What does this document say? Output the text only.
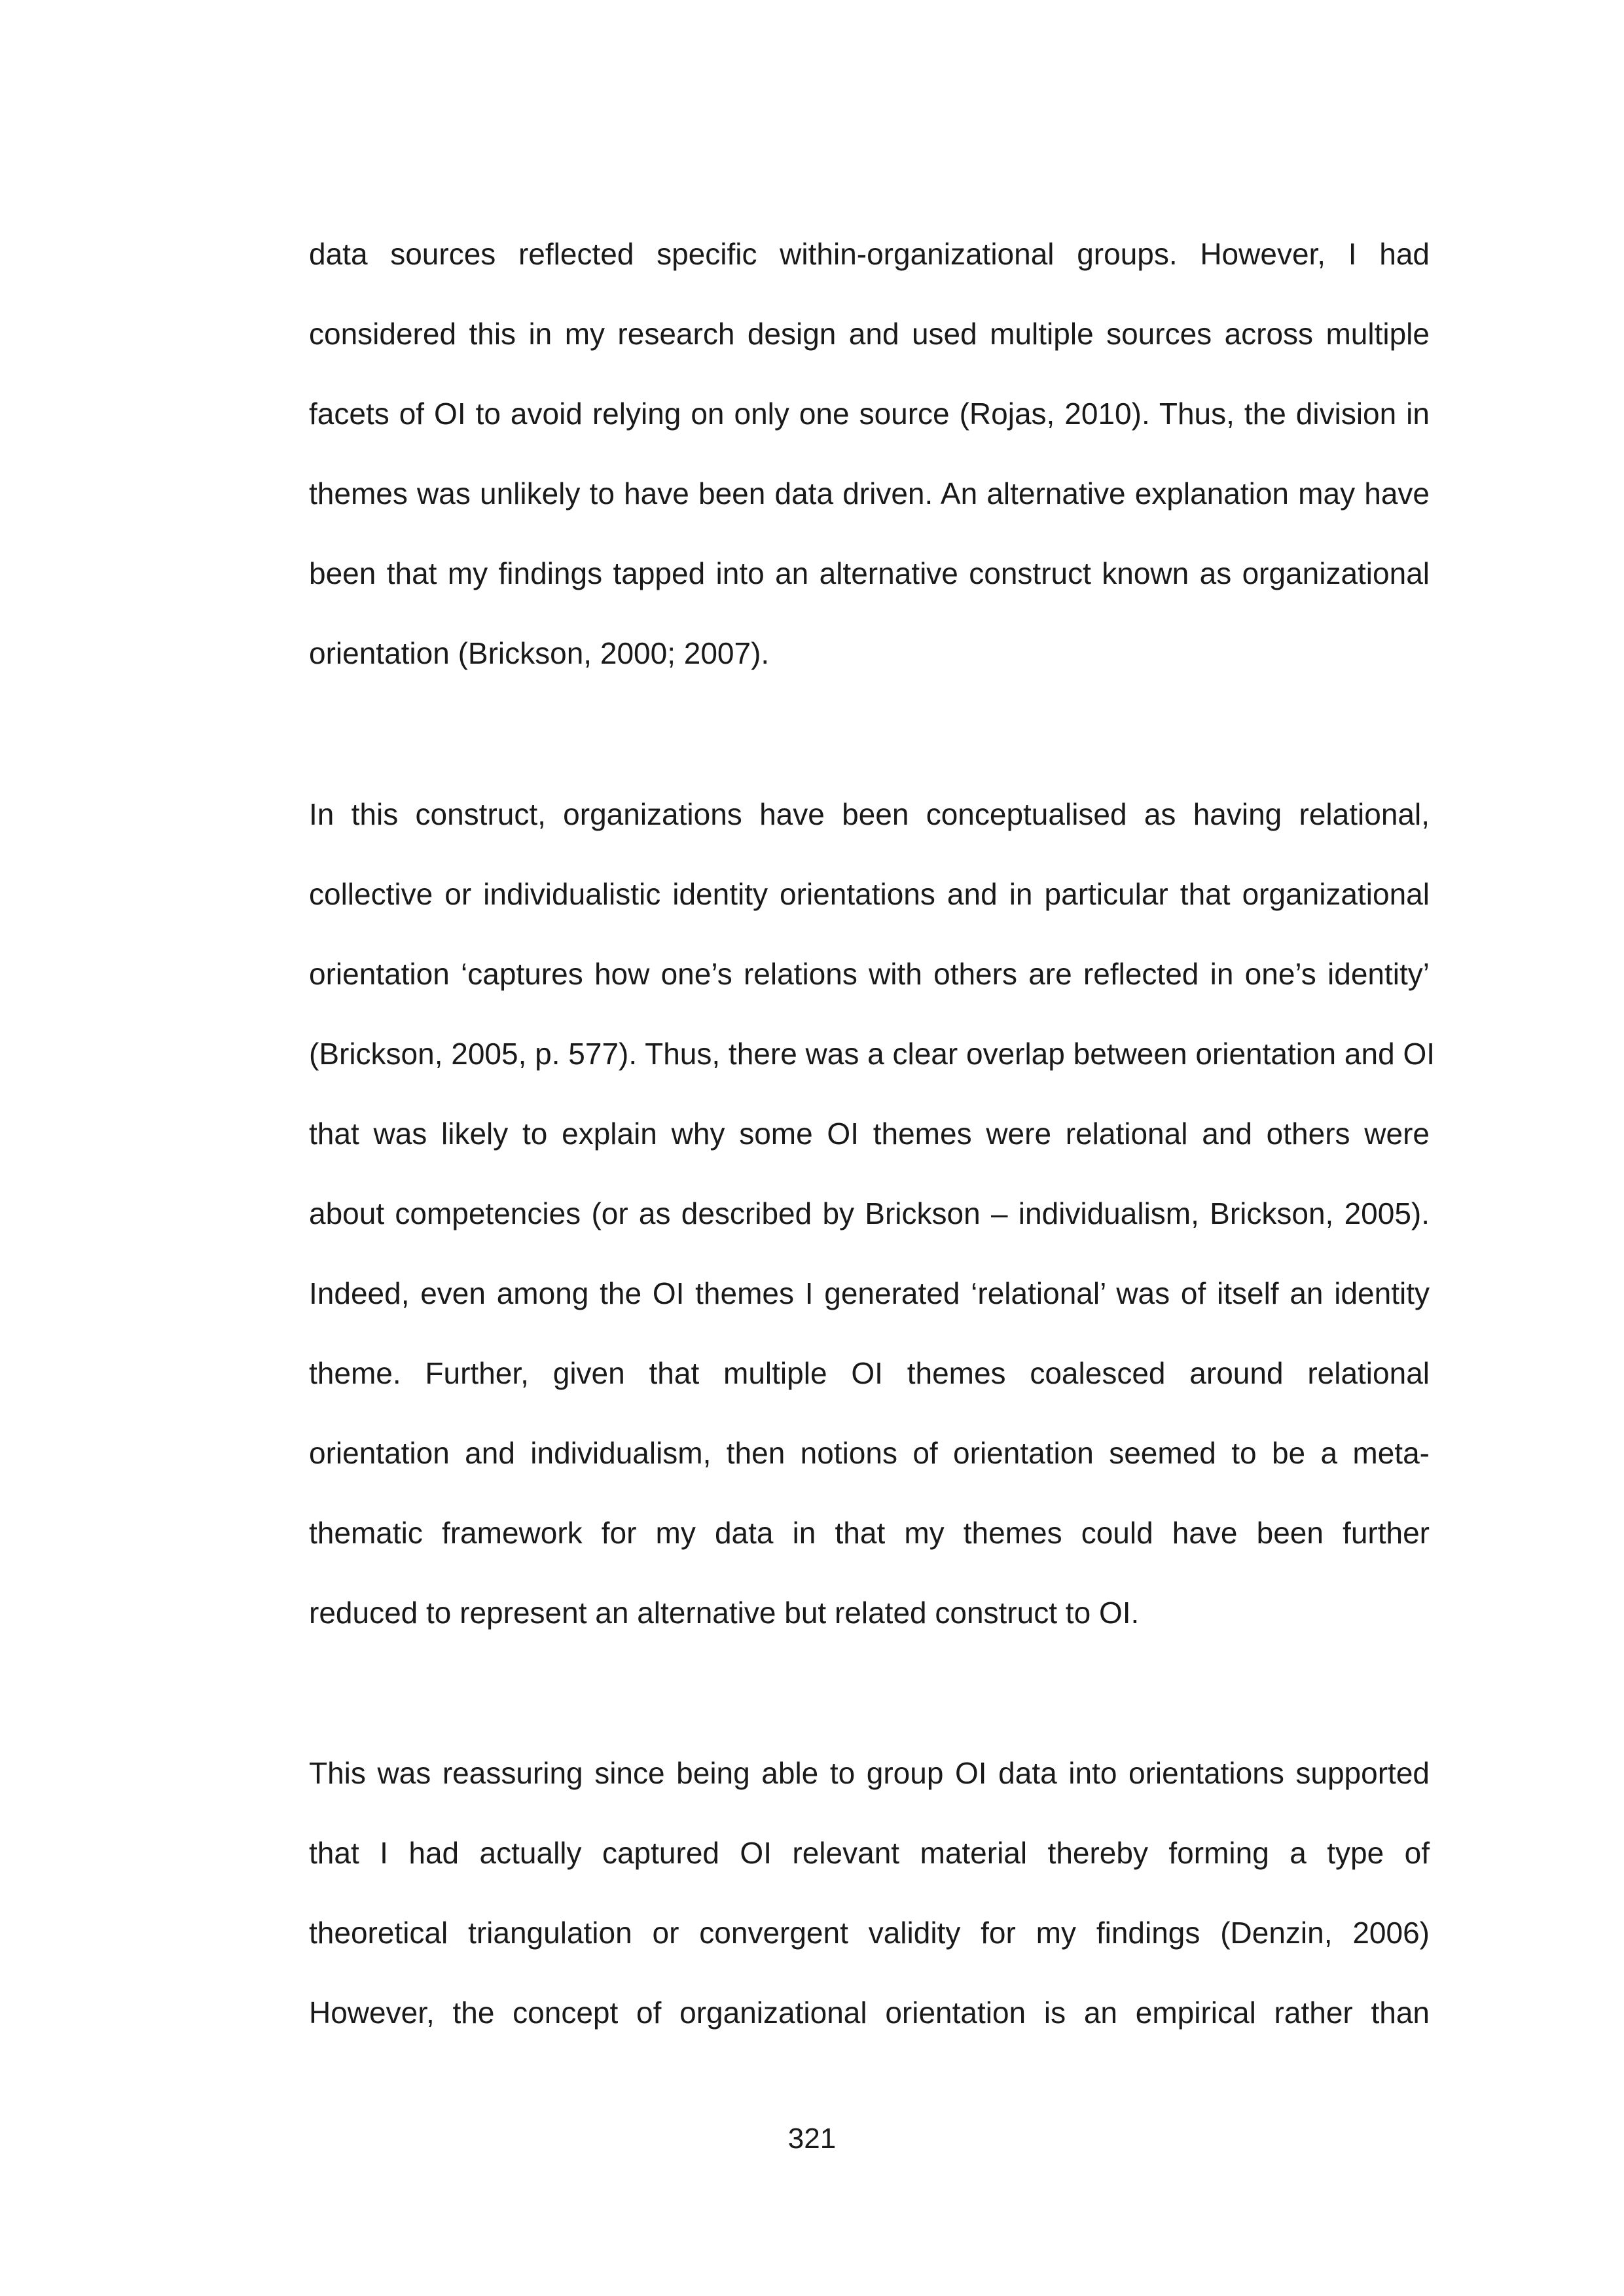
data sources reflected specific within-organizational groups. However, I had
considered this in my research design and used multiple sources across multiple
facets of OI to avoid relying on only one source (Rojas, 2010). Thus, the division in
themes was unlikely to have been data driven. An alternative explanation may have
been that my findings tapped into an alternative construct known as organizational
orientation (Brickson, 2000; 2007).
In this construct, organizations have been conceptualised as having relational,
collective or individualistic identity orientations and in particular that organizational
orientation ‘captures how one’s relations with others are reflected in one’s identity’
(Brickson, 2005, p. 577). Thus, there was a clear overlap between orientation and OI
that was likely to explain why some OI themes were relational and others were
about competencies (or as described by Brickson – individualism, Brickson, 2005).
Indeed, even among the OI themes I generated ‘relational’ was of itself an identity
theme. Further, given that multiple OI themes coalesced around relational
orientation and individualism, then notions of orientation seemed to be a meta-
thematic framework for my data in that my themes could have been further
reduced to represent an alternative but related construct to OI.
This was reassuring since being able to group OI data into orientations supported
that I had actually captured OI relevant material thereby forming a type of
theoretical triangulation or convergent validity for my findings (Denzin, 2006)
However, the concept of organizational orientation is an empirical rather than
321
